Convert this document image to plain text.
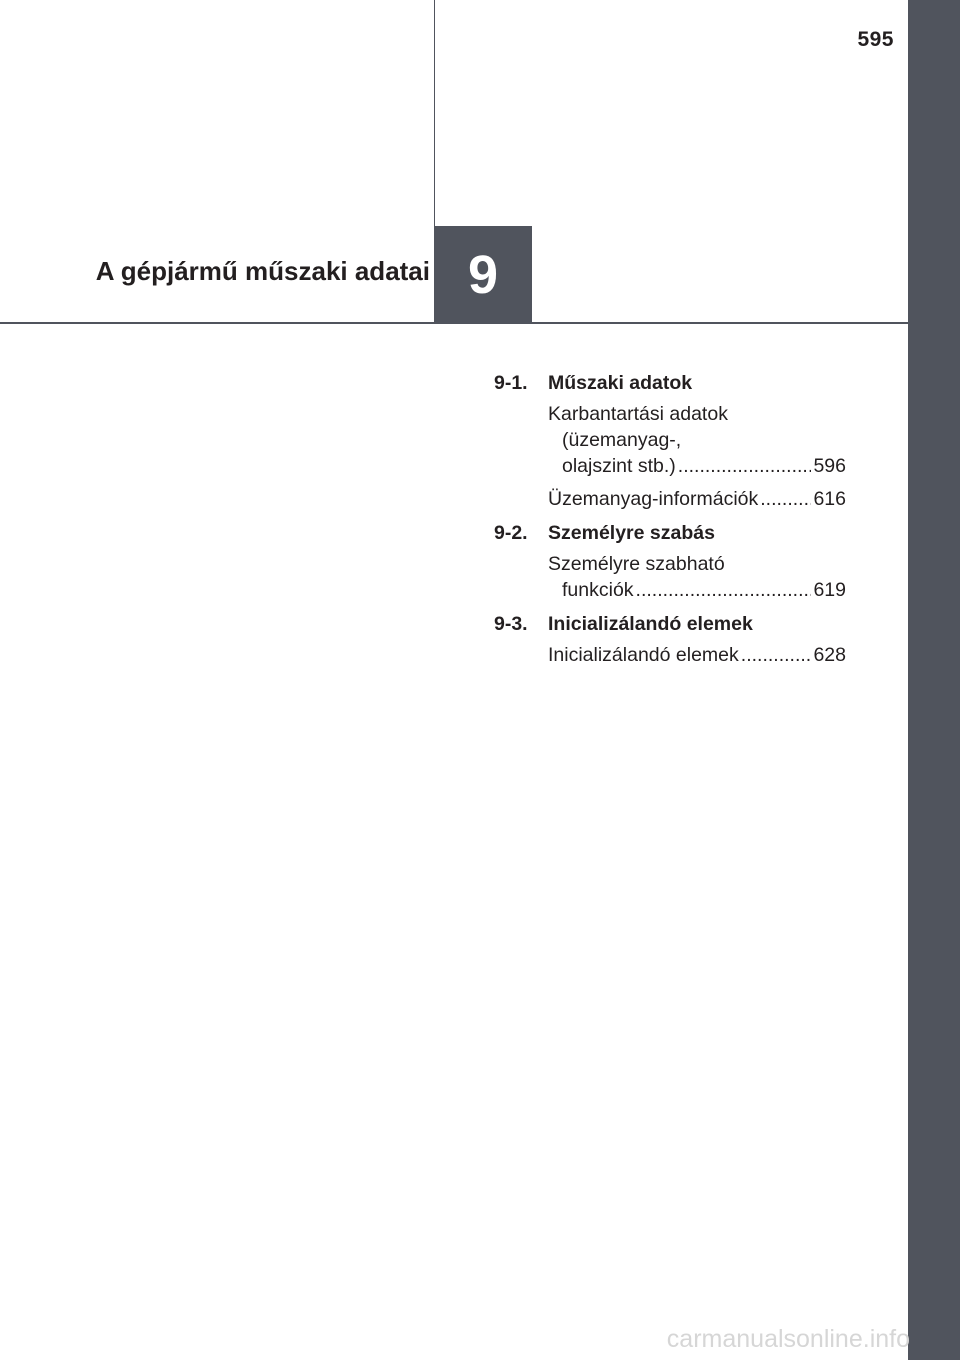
595
9
A gépjármű műszaki adatai
9-1.	Műszaki adatok
Karbantartási adatok
(üzemanyag-,
olajszint stb.) .....	596
Üzemanyag-információk .....	616
9-2.	Személyre szabás
Személyre szabható
funkciók .....	619
9-3.	Inicializálandó elemek
Inicializálandó elemek .....	628
carmanualsonline.info
